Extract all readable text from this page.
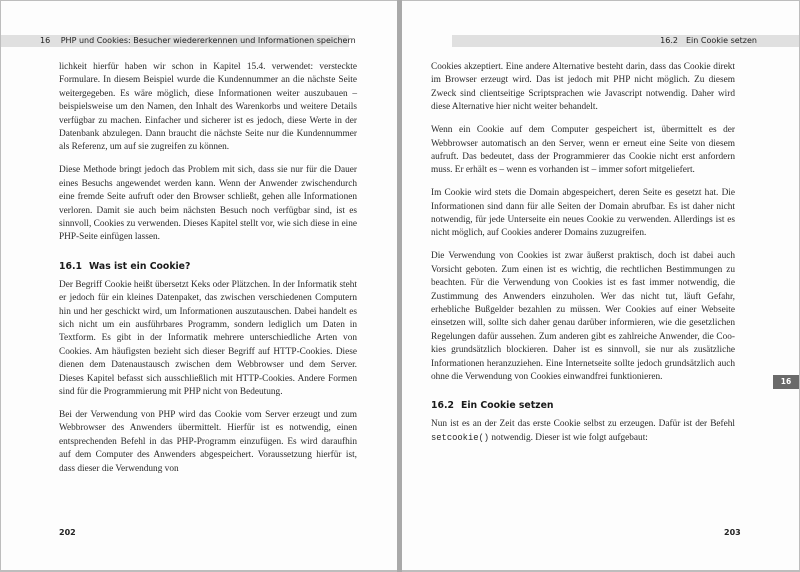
16 PHP und Cookies: Besucher wiedererkennen und Informationen speichern

lichkeit hierfür haben wir schon in Kapitel 15.4. verwendet: versteckte Formulare. In diesem Beispiel wurde die Kundennummer an die nächste Seite weitergegeben. Es wäre möglich, diese Informationen weiter auszubauen – beispielsweise um den Namen, den Inhalt des Warenkorbs und weitere Details verfügbar zu machen. Einfacher und sicherer ist es jedoch, diese Werte in der Datenbank abzulegen. Dann braucht die nächste Seite nur die Kundennummer als Referenz, um auf sie zugreifen zu können.

Diese Methode bringt jedoch das Problem mit sich, dass sie nur für die Dauer eines Besuchs angewendet werden kann. Wenn der Anwender zwischendurch eine fremde Seite aufruft oder den Browser schließt, gehen alle Informationen verloren. Damit sie auch beim nächsten Besuch noch verfügbar sind, ist es sinnvoll, Cookies zu verwenden. Dieses Kapitel stellt vor, wie sich diese in eine PHP-Seite einfügen lassen.

16.1 Was ist ein Cookie?

Der Begriff Cookie heißt übersetzt Keks oder Plätzchen. In der Informatik steht er jedoch für ein kleines Datenpaket, das zwischen verschiedenen Computern hin und her geschickt wird, um Informationen auszutauschen. Dabei handelt es sich nicht um ein ausführbares Programm, sondern lediglich um Daten in Textform. Es gibt in der Informatik mehrere unterschiedliche Arten von Cookies. Am häufigsten bezieht sich dieser Begriff auf HTTP-Cookies. Diese dienen dem Datenaustausch zwischen dem Webbrowser und dem Server. Dieses Kapitel befasst sich ausschließlich mit HTTP-Cookies. Andere Formen sind für die Programmierung mit PHP nicht von Bedeutung.

Bei der Verwendung von PHP wird das Cookie vom Server erzeugt und zum Webbrowser des Anwenders übermittelt. Hierfür ist es notwendig, einen entsprechenden Befehl in das PHP-Programm einzufügen. Es wird daraufhin auf dem Computer des Anwenders abgespeichert. Voraussetzung hierfür ist, dass dieser die Verwendung von

202
16.2 Ein Cookie setzen

Cookies akzeptiert. Eine andere Alternative besteht darin, dass das Cookie direkt im Browser erzeugt wird. Das ist jedoch mit PHP nicht möglich. Zu diesem Zweck sind clientseitige Scriptsprachen wie Javascript notwendig. Daher wird diese Alternative hier nicht weiter behandelt.

Wenn ein Cookie auf dem Computer gespeichert ist, übermittelt es der Webbrowser automatisch an den Server, wenn er erneut eine Seite von diesem aufruft. Das bedeutet, dass der Programmierer das Cookie nicht erst anfordern muss. Er erhält es – wenn es vorhanden ist – immer sofort mitgeliefert.

Im Cookie wird stets die Domain abgespeichert, deren Seite es gesetzt hat. Die Informationen sind dann für alle Seiten der Domain abrufbar. Es ist daher nicht notwendig, für jede Unterseite ein neues Cookie zu verwenden. Allerdings ist es nicht möglich, auf Cookies anderer Domains zuzugreifen.

Die Verwendung von Cookies ist zwar äußerst praktisch, doch ist dabei auch Vorsicht geboten. Zum einen ist es wichtig, die rechtlichen Bestimmungen zu beachten. Für die Verwendung von Cookies ist es fast immer notwendig, die Zustimmung des Anwenders einzuholen. Wer das nicht tut, läuft Gefahr, erhebliche Bußgelder bezahlen zu müssen. Wer Cookies auf einer Webseite einsetzen will, sollte sich daher genau darüber informieren, wie die gesetzlichen Regelungen dafür aussehen. Zum anderen gibt es zahlreiche Anwender, die Cookies grundsätzlich blockieren. Daher ist es sinnvoll, sie nur als zusätzliche Informationen heranzuziehen. Eine Internetseite sollte jedoch grundsätzlich auch ohne die Verwendung von Cookies einwandfrei funktionieren.

16.2 Ein Cookie setzen

Nun ist es an der Zeit das erste Cookie selbst zu erzeugen. Dafür ist der Befehl setcookie() notwendig. Dieser ist wie folgt aufgebaut:

203
16
